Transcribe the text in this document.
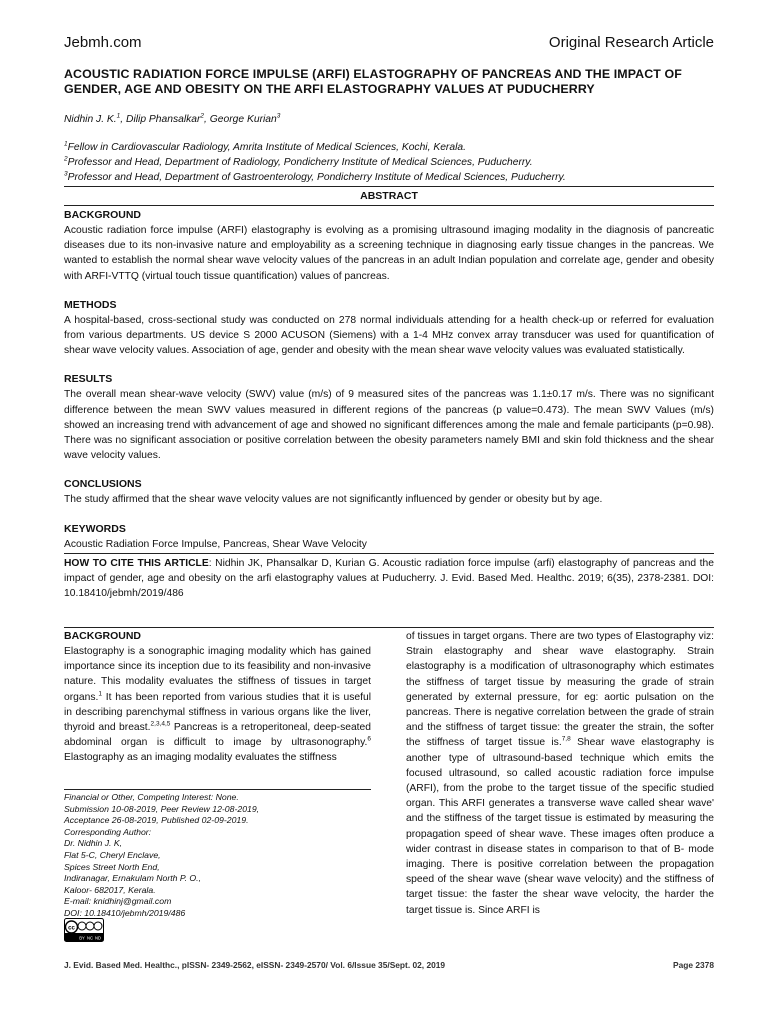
Jebmh.com	Original Research Article
ACOUSTIC RADIATION FORCE IMPULSE (ARFI) ELASTOGRAPHY OF PANCREAS AND THE IMPACT OF GENDER, AGE AND OBESITY ON THE ARFI ELASTOGRAPHY VALUES AT PUDUCHERRY
Nidhin J. K.$^1$, Dilip Phansalkar$^2$, George Kurian$^3$
$^1$Fellow in Cardiovascular Radiology, Amrita Institute of Medical Sciences, Kochi, Kerala.
$^2$Professor and Head, Department of Radiology, Pondicherry Institute of Medical Sciences, Puducherry.
$^3$Professor and Head, Department of Gastroenterology, Pondicherry Institute of Medical Sciences, Puducherry.
ABSTRACT
BACKGROUND

Acoustic radiation force impulse (ARFI) elastography is evolving as a promising ultrasound imaging modality in the diagnosis of pancreatic diseases due to its non-invasive nature and employability as a screening technique in diagnosing early tissue changes in the pancreas. We wanted to establish the normal shear wave velocity values of the pancreas in an adult Indian population and correlate age, gender and obesity with ARFI-VTTQ (virtual touch tissue quantification) values of pancreas.

METHODS

A hospital-based, cross-sectional study was conducted on 278 normal individuals attending for a health check-up or referred for evaluation from various departments. US device S 2000 ACUSON (Siemens) with a 1-4 MHz convex array transducer was used for quantification of shear wave velocity values. Association of age, gender and obesity with the mean shear wave velocity values was evaluated statistically.

RESULTS

The overall mean shear-wave velocity (SWV) value (m/s) of 9 measured sites of the pancreas was 1.1±0.17 m/s. There was no significant difference between the mean SWV values measured in different regions of the pancreas (p value=0.473). The mean SWV Values (m/s) showed an increasing trend with advancement of age and showed no significant differences among the male and female participants (p=0.98). There was no significant association or positive correlation between the obesity parameters namely BMI and skin fold thickness and the shear wave velocity values.

CONCLUSIONS

The study affirmed that the shear wave velocity values are not significantly influenced by gender or obesity but by age.

KEYWORDS

Acoustic Radiation Force Impulse, Pancreas, Shear Wave Velocity

HOW TO CITE THIS ARTICLE: Nidhin JK, Phansalkar D, Kurian G. Acoustic radiation force impulse (arfi) elastography of pancreas and the impact of gender, age and obesity on the arfi elastography values at Puducherry. J. Evid. Based Med. Healthc. 2019; 6(35), 2378-2381. DOI: 10.18410/jebmh/2019/486
BACKGROUND

Elastography is a sonographic imaging modality which has gained importance since its inception due to its feasibility and non-invasive nature. This modality evaluates the stiffness of tissues in target organs.$^1$ It has been reported from various studies that it is useful in describing parenchymal stiffness in various organs like the liver, thyroid and breast.$^{2,3,4,5}$ Pancreas is a retroperitoneal, deep-seated abdominal organ is difficult to image by ultrasonography.$^6$ Elastography as an imaging modality evaluates the stiffness

of tissues in target organs. There are two types of Elastography viz: Strain elastography and shear wave elastography. Strain elastography is a modification of ultrasonography which estimates the stiffness of target tissue by measuring the grade of strain generated by external pressure, for eg: aortic pulsation on the pancreas. There is negative correlation between the grade of strain and the stiffness of target tissue: the greater the strain, the softer the stiffness of target tissue is.$^{7,8}$ Shear wave elastography is another type of ultrasound-based technique which emits the focused ultrasound, so called acoustic radiation force impulse (ARFI), from the probe to the target tissue of the specific studied organ. This ARFI generates a transverse wave called shear wave' and the stiffness of the target tissue is estimated by measuring the propagation speed of shear wave. These images often produce a wider contrast in disease states in comparison to that of B- mode imaging. There is positive correlation between the propagation speed of the shear wave (shear wave velocity) and the stiffness of target tissue: the faster the shear wave velocity, the harder the target tissue is. Since ARFI is

Financial or Other, Competing Interest: None.
Submission 10-08-2019, Peer Review 12-08-2019,
Acceptance 26-08-2019, Published 02-09-2019.
Corresponding Author:
Dr. Nidhin J. K,
Flat 5-C, Cheryl Enclave,
Spices Street North End,
Indiranagar, Ernakulam North P. O.,
Kaloor- 682017, Kerala.
E-mail: knidhinj@gmail.com
DOI: 10.18410/jebmh/2019/486
cc
BY NC ND
J. Evid. Based Med. Healthc., pISSN- 2349-2562, eISSN- 2349-2570/ Vol. 6/Issue 35/Sept. 02, 2019	Page 2378
